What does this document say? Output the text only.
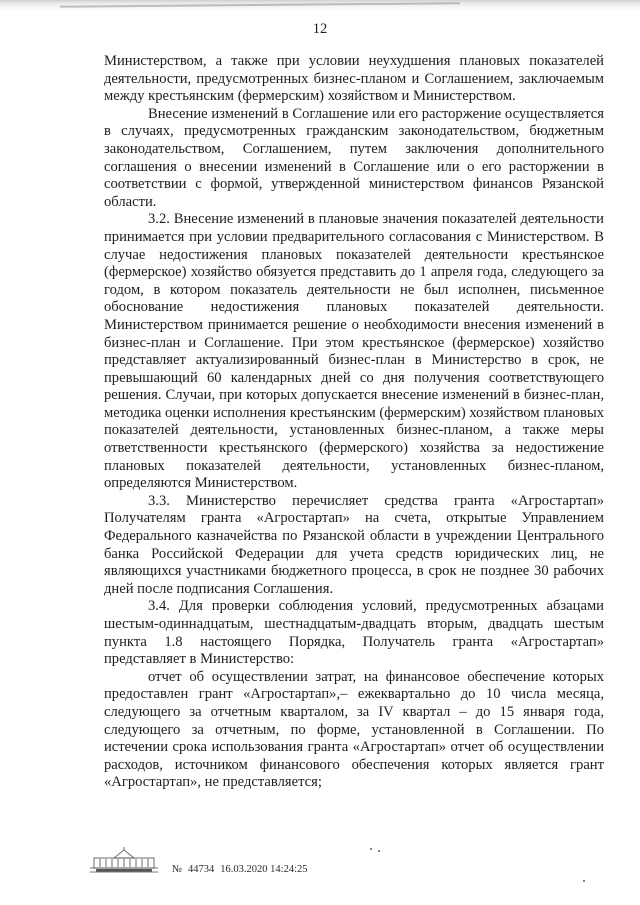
12

Министерством, а также при условии неухудшения плановых показателей деятельности, предусмотренных бизнес-планом и Соглашением, заключаемым между крестьянским (фермерским) хозяйством и Министерством.

Внесение изменений в Соглашение или его расторжение осуществляется в случаях, предусмотренных гражданским законодательством, бюджетным законодательством, Соглашением, путем заключения дополнительного соглашения о внесении изменений в Соглашение или о его расторжении в соответствии с формой, утвержденной министерством финансов Рязанской области.

3.2. Внесение изменений в плановые значения показателей деятельности принимается при условии предварительного согласования с Министерством. В случае недостижения плановых показателей деятельности крестьянское (фермерское) хозяйство обязуется представить до 1 апреля года, следующего за годом, в котором показатель деятельности не был исполнен, письменное обоснование недостижения плановых показателей деятельности. Министерством принимается решение о необходимости внесения изменений в бизнес-план и Соглашение. При этом крестьянское (фермерское) хозяйство представляет актуализированный бизнес-план в Министерство в срок, не превышающий 60 календарных дней со дня получения соответствующего решения. Случаи, при которых допускается внесение изменений в бизнес-план, методика оценки исполнения крестьянским (фермерским) хозяйством плановых показателей деятельности, установленных бизнес-планом, а также меры ответственности крестьянского (фермерского) хозяйства за недостижение плановых показателей деятельности, установленных бизнес-планом, определяются Министерством.

3.3. Министерство перечисляет средства гранта «Агростартап» Получателям гранта «Агростартап» на счета, открытые Управлением Федерального казначейства по Рязанской области в учреждении Центрального банка Российской Федерации для учета средств юридических лиц, не являющихся участниками бюджетного процесса, в срок не позднее 30 рабочих дней после подписания Соглашения.

3.4. Для проверки соблюдения условий, предусмотренных абзацами шестым-одиннадцатым, шестнадцатым-двадцать вторым, двадцать шестым пункта 1.8 настоящего Порядка, Получатель гранта «Агростартап» представляет в Министерство:

отчет об осуществлении затрат, на финансовое обеспечение которых предоставлен грант «Агростартап»,– ежеквартально до 10 числа месяца, следующего за отчетным кварталом, за IV квартал – до 15 января года, следующего за отчетным, по форме, установленной в Соглашении. По истечении срока использования гранта «Агростартап» отчет об осуществлении расходов, источником финансового обеспечения которых является грант «Агростартап», не представляется;

№ 44734 16.03.2020 14:24:25
